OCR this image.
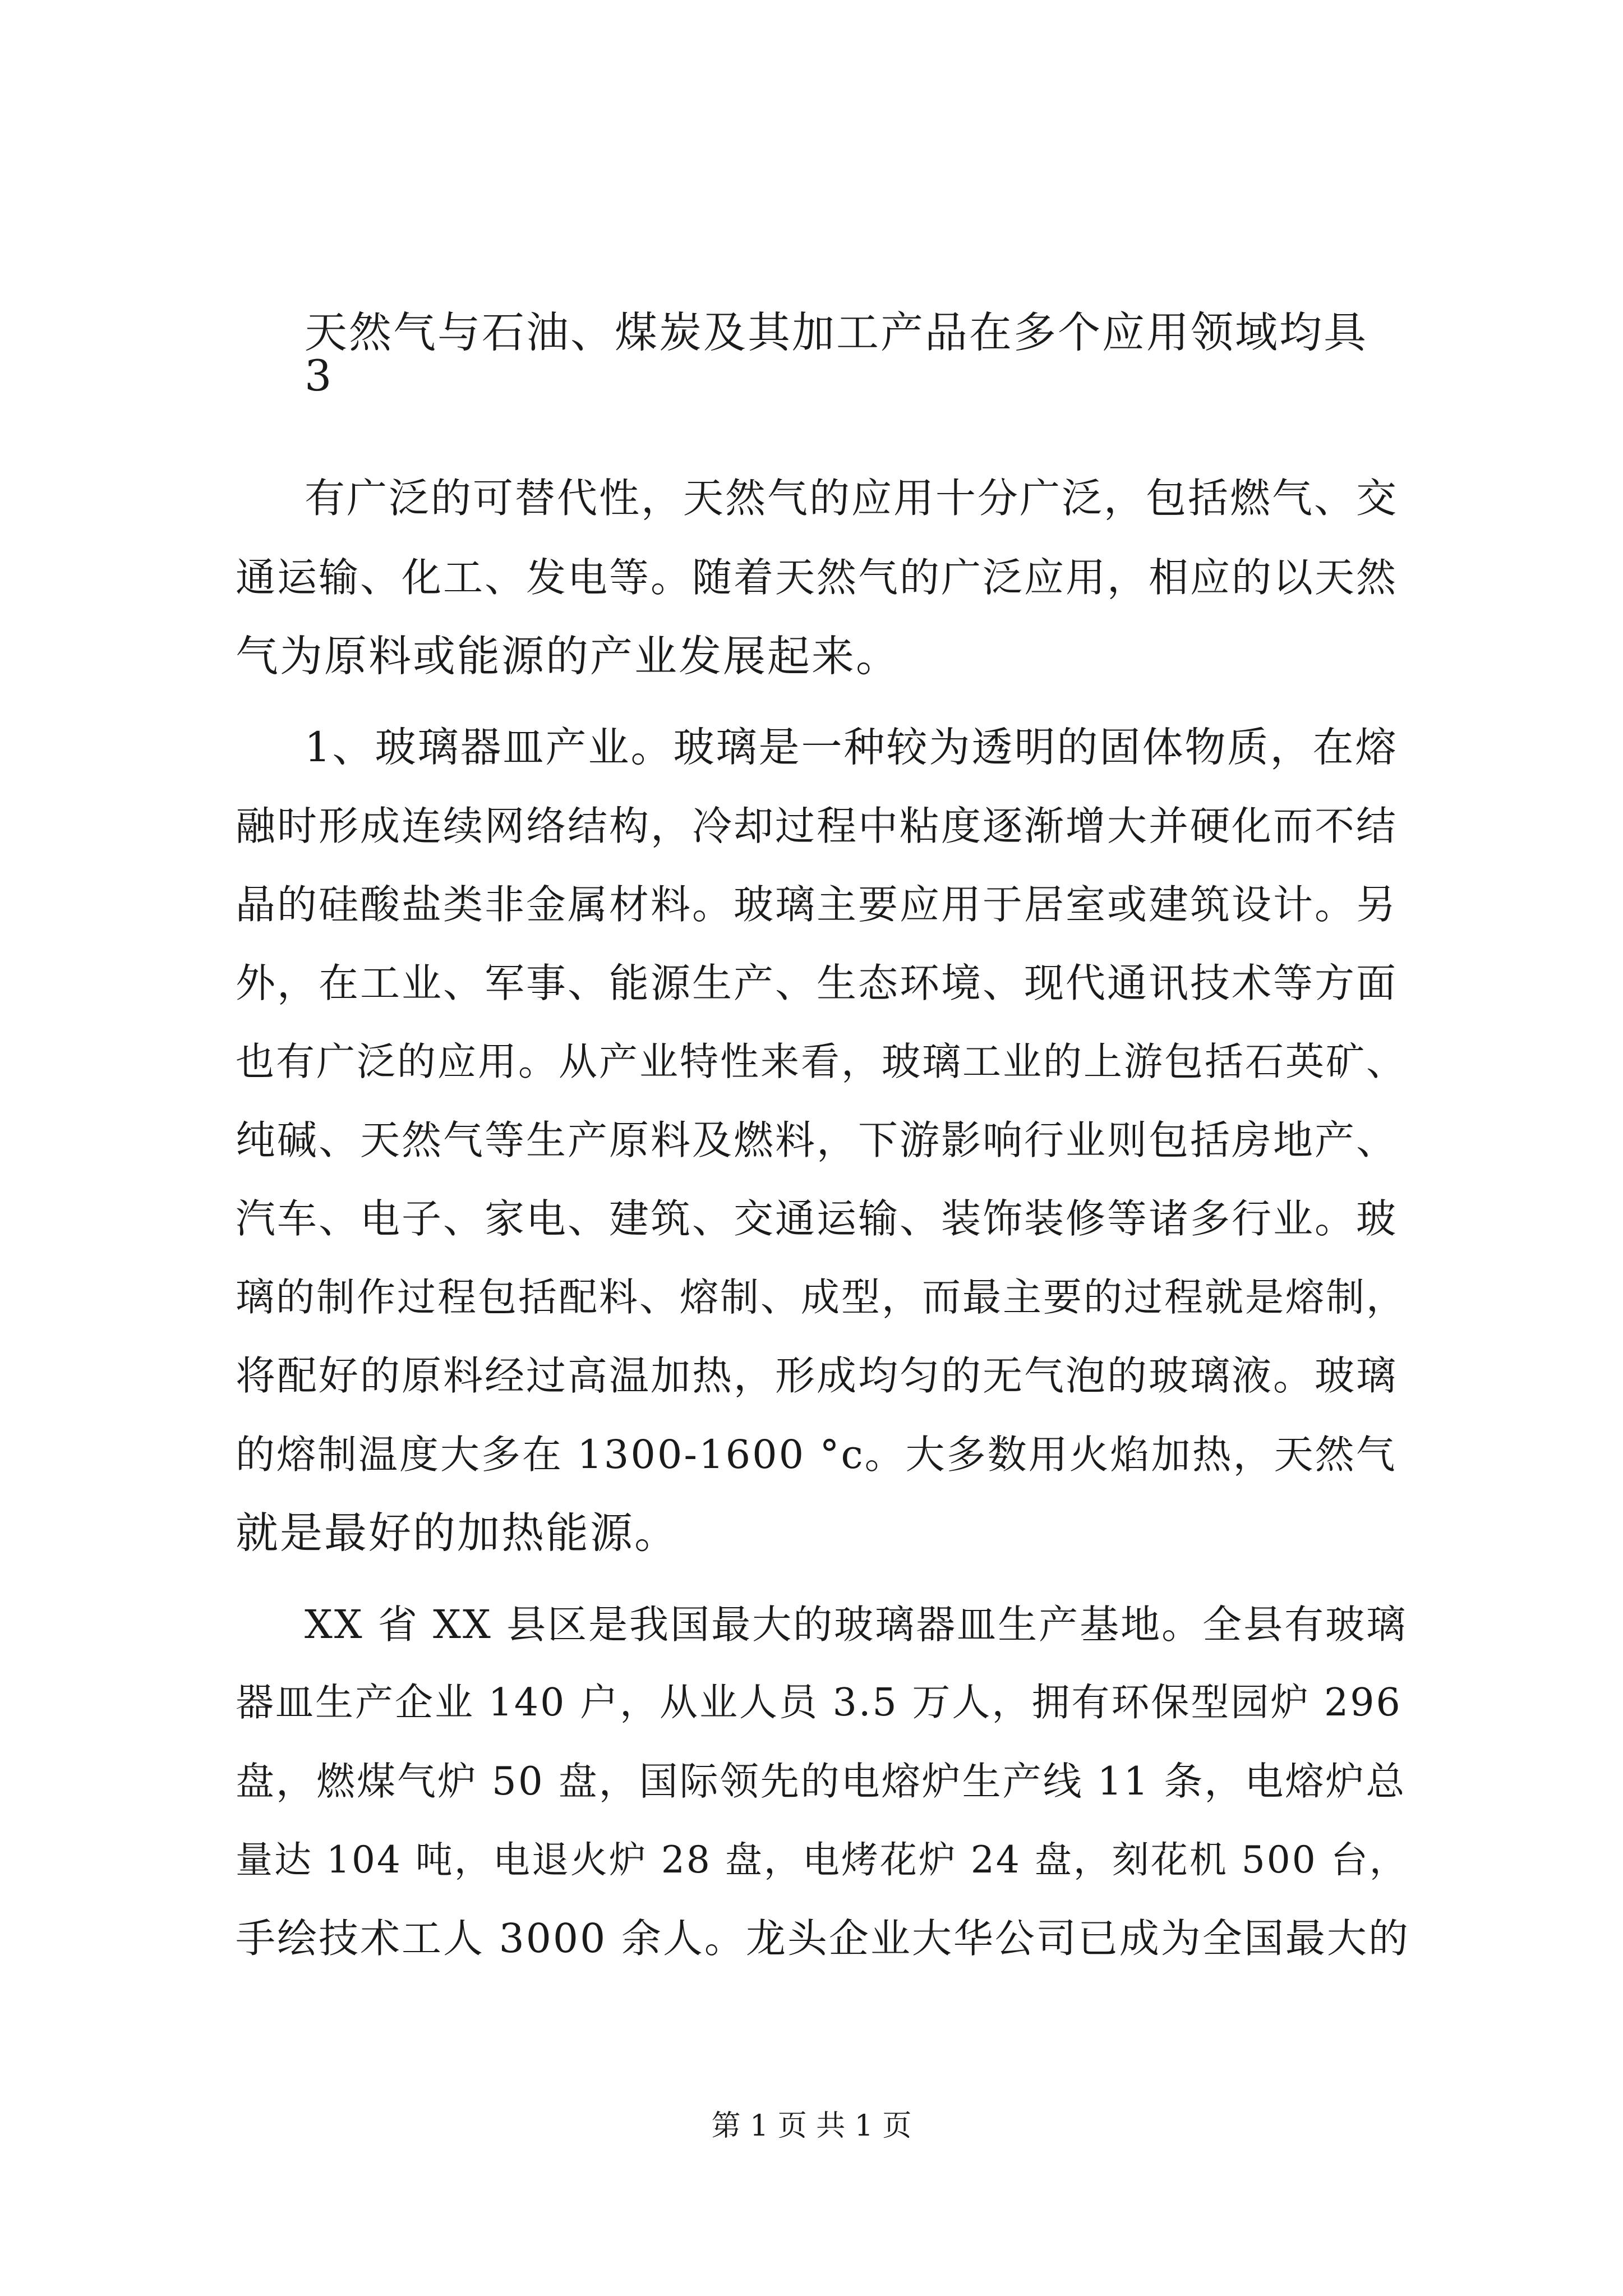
天然气与石油、煤炭及其加工产品在多个应用领域均具
3
有广泛的可替代性，天然气的应用十分广泛，包括燃气、交
通运输、化工、发电等。随着天然气的广泛应用，相应的以天然
气为原料或能源的产业发展起来。
1、玻璃器皿产业。玻璃是一种较为透明的固体物质，在熔
融时形成连续网络结构，冷却过程中粘度逐渐增大并硬化而不结
晶的硅酸盐类非金属材料。玻璃主要应用于居室或建筑设计。另
外，在工业、军事、能源生产、生态环境、现代通讯技术等方面
也有广泛的应用。从产业特性来看，玻璃工业的上游包括石英矿、
纯碱、天然气等生产原料及燃料，下游影响行业则包括房地产、
汽车、电子、家电、建筑、交通运输、装饰装修等诸多行业。玻
璃的制作过程包括配料、熔制、成型，而最主要的过程就是熔制，
将配好的原料经过高温加热，形成均匀的无气泡的玻璃液。玻璃
的熔制温度大多在 1300-1600 °c。大多数用火焰加热，天然气
就是最好的加热能源。
XX 省 XX 县区是我国最大的玻璃器皿生产基地。全县有玻璃
器皿生产企业 140 户，从业人员 3.5 万人，拥有环保型园炉 296
盘，燃煤气炉 50 盘，国际领先的电熔炉生产线 11 条，电熔炉总
量达 104 吨，电退火炉 28 盘，电烤花炉 24 盘，刻花机 500 台，
手绘技术工人 3000 余人。龙头企业大华公司已成为全国最大的
第 1 页 共 1 页
